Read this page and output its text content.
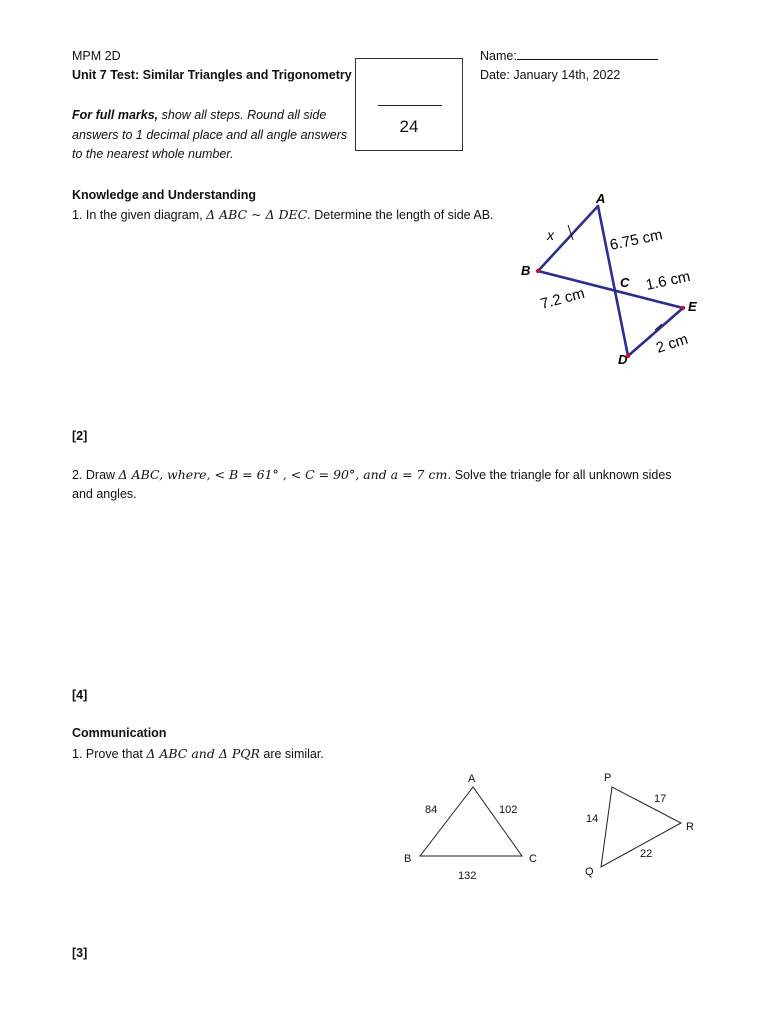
MPM 2D
Unit 7 Test: Similar Triangles and Trigonometry
24
Name:
Date: January 14th, 2022
For full marks, show all steps. Round all side
answers to 1 decimal place and all angle answers
to the nearest whole number.
Knowledge and Understanding
1. In the given diagram, Δ ABC ~ Δ DEC. Determine the length of side AB.
A
B
C
D
E
x	6.75 cm
1.6 cm
7.2 cm
2 cm
[2]
2. Draw Δ ABC, where, < B = 61° , < C = 90°, and a = 7 cm. Solve the triangle for all unknown sides
and angles.
[4]
Communication
1. Prove that Δ ABC and Δ PQR are similar.
A
B	C
84	102
132
P
Q
R
14
17
22
[3]
